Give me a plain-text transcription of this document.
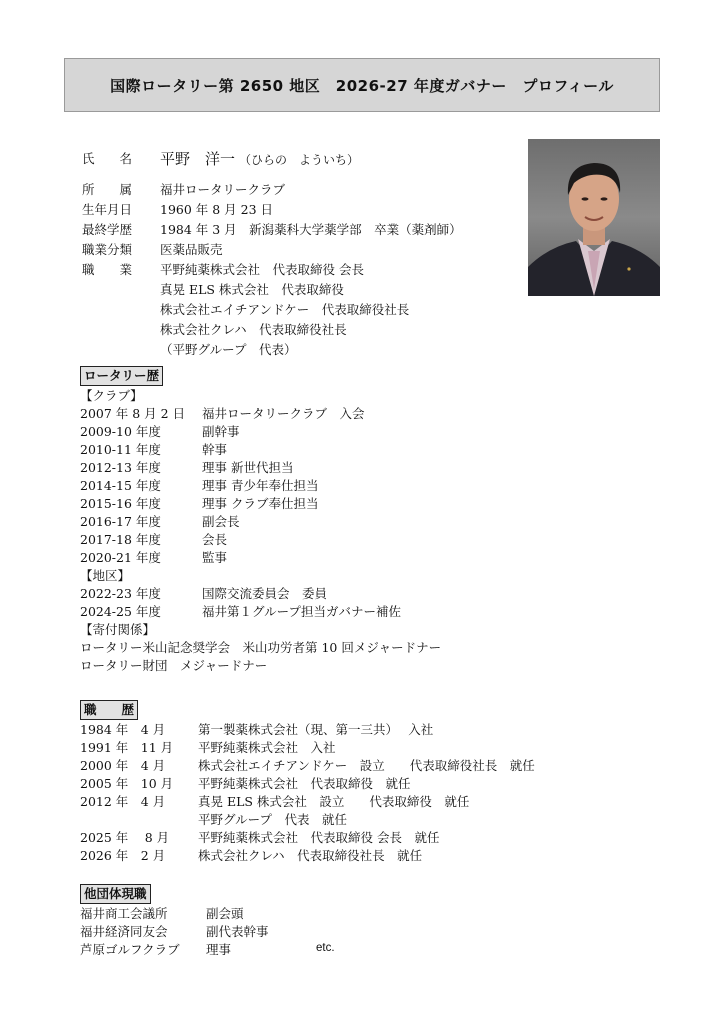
国際ロータリー第 2650 地区　2026-27 年度ガバナー　プロフィール
氏　　名	平野　洋一 （ひらの　よういち）
所　　属	福井ロータリークラブ
生年月日	1960 年 8 月 23 日
最終学歴	1984 年 3 月　新潟薬科大学薬学部　卒業（薬剤師）
職業分類	医薬品販売
職　　業	平野純薬株式会社　代表取締役 会長
真晃 ELS 株式会社　代表取締役
株式会社エイチアンドケー　代表取締役社長
株式会社クレハ　代表取締役社長
（平野グループ　代表）
ロータリー歴
【クラブ】
2007 年 8 月 2 日	福井ロータリークラブ　入会
2009-10 年度	副幹事
2010-11 年度	幹事
2012-13 年度	理事 新世代担当
2014-15 年度	理事 青少年奉仕担当
2015-16 年度	理事 クラブ奉仕担当
2016-17 年度	副会長
2017-18 年度	会長
2020-21 年度	監事
【地区】
2022-23 年度	国際交流委員会　委員
2024-25 年度	福井第１グループ担当ガバナー補佐
【寄付関係】
ロータリー米山記念奨学会　米山功労者第 10 回メジャードナー
ロータリー財団　メジャードナー
職　　歴
1984 年　4 月	第一製薬株式会社（現、第一三共）　 入社
1991 年　11 月	平野純薬株式会社　入社
2000 年　4 月	株式会社エイチアンドケー　設立　　代表取締役社長　就任
2005 年　10 月	平野純薬株式会社　代表取締役　就任
2012 年　4 月	真晃 ELS 株式会社　設立　　代表取締役　就任
平野グループ　代表　就任
2025 年　 8 月	平野純薬株式会社　代表取締役 会長　就任
2026 年　2 月	株式会社クレハ　代表取締役社長　就任
他団体現職
福井商工会議所	副会頭
福井経済同友会	副代表幹事
芦原ゴルフクラブ	理事	etc.
